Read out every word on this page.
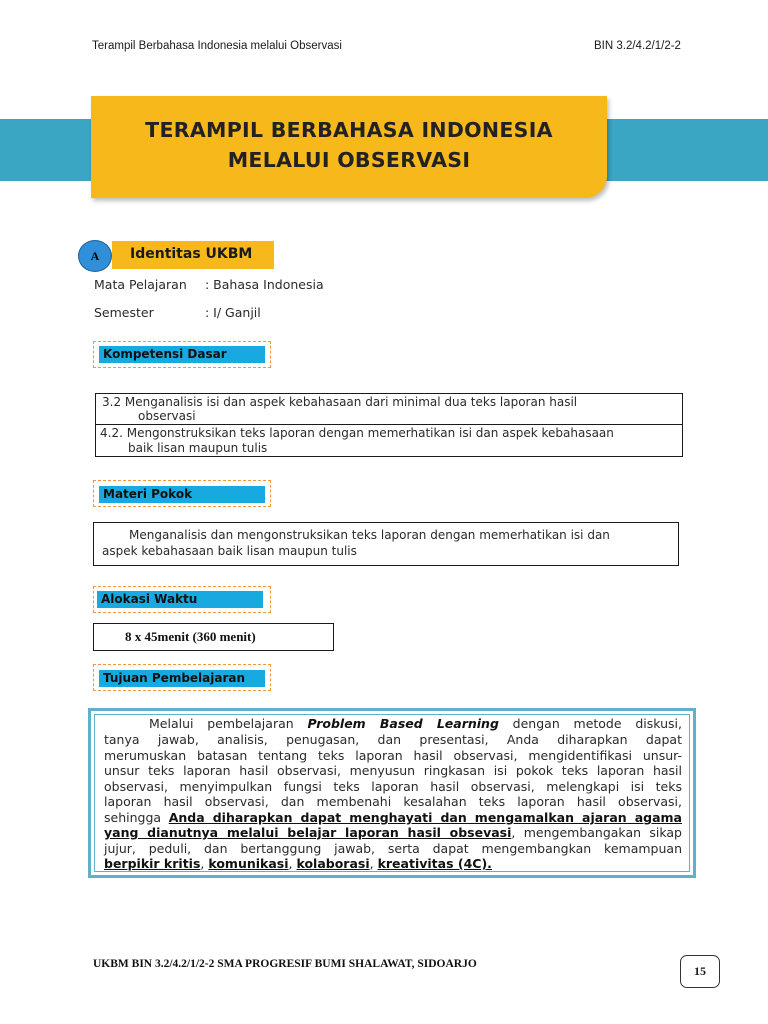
Terampil Berbahasa Indonesia melalui Observasi	BIN 3.2/4.2/1/2-2
TERAMPIL BERBAHASA INDONESIA
MELALUI OBSERVASI
Identitas UKBM
A
Mata Pelajaran : Bahasa Indonesia
Semester	: I/ Ganjil
Kompetensi Dasar
3.2 Menganalisis isi dan aspek kebahasaan dari minimal dua teks laporan hasil
observasi
4.2. Mengonstruksikan teks laporan dengan memerhatikan isi dan aspek kebahasaan
baik lisan maupun tulis
Materi Pokok
Menganalisis dan mengonstruksikan teks laporan dengan memerhatikan isi dan
aspek kebahasaan baik lisan maupun tulis
Alokasi Waktu
8 x 45menit (360 menit)
Tujuan Pembelajaran
Melalui pembelajaran Problem Based Learning dengan metode diskusi,
tanya jawab, analisis, penugasan, dan presentasi, Anda diharapkan dapat
merumuskan batasan tentang teks laporan hasil observasi, mengidentifikasi unsur-
unsur teks laporan hasil observasi, menyusun ringkasan isi pokok teks laporan hasil
observasi, menyimpulkan fungsi teks laporan hasil observasi, melengkapi isi teks
laporan hasil observasi, dan membenahi kesalahan teks laporan hasil observasi,
sehingga Anda diharapkan dapat menghayati dan mengamalkan ajaran agama
yang dianutnya melalui belajar laporan hasil obsevasi, mengembangakan sikap
jujur, peduli, dan bertanggung jawab, serta dapat mengembangkan kemampuan
berpikir kritis, komunikasi, kolaborasi, kreativitas (4C).
UKBM BIN 3.2/4.2/1/2-2 SMA PROGRESIF BUMI SHALAWAT, SIDOARJO	15
